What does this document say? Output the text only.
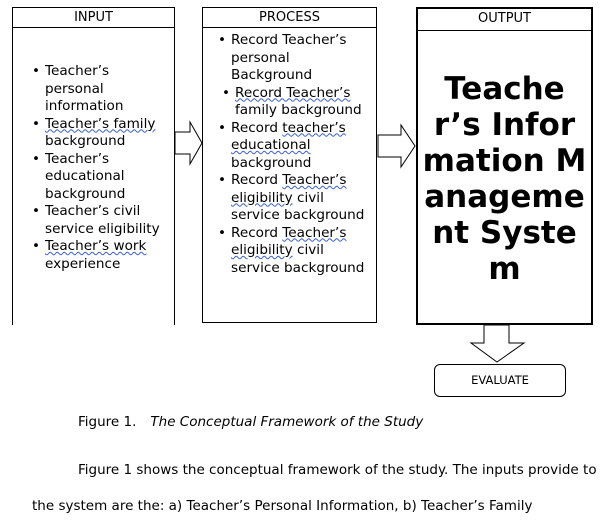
INPUT
• Teacher’s personal information
• Teacher’s family background
• Teacher’s educational background
• Teacher’s civil service eligibility
• Teacher’s work experience
PROCESS
• Record Teacher’s personal Background
• Record Teacher’s family background
• Record teacher’s educational background
• Record Teacher’s eligibility civil service background
• Record Teacher’s eligibility civil service background
OUTPUT
Teacher’s Information Management System
EVALUATE
Figure 1. The Conceptual Framework of the Study
Figure 1 shows the conceptual framework of the study. The inputs provide to
the system are the: a) Teacher’s Personal Information, b) Teacher’s Family
